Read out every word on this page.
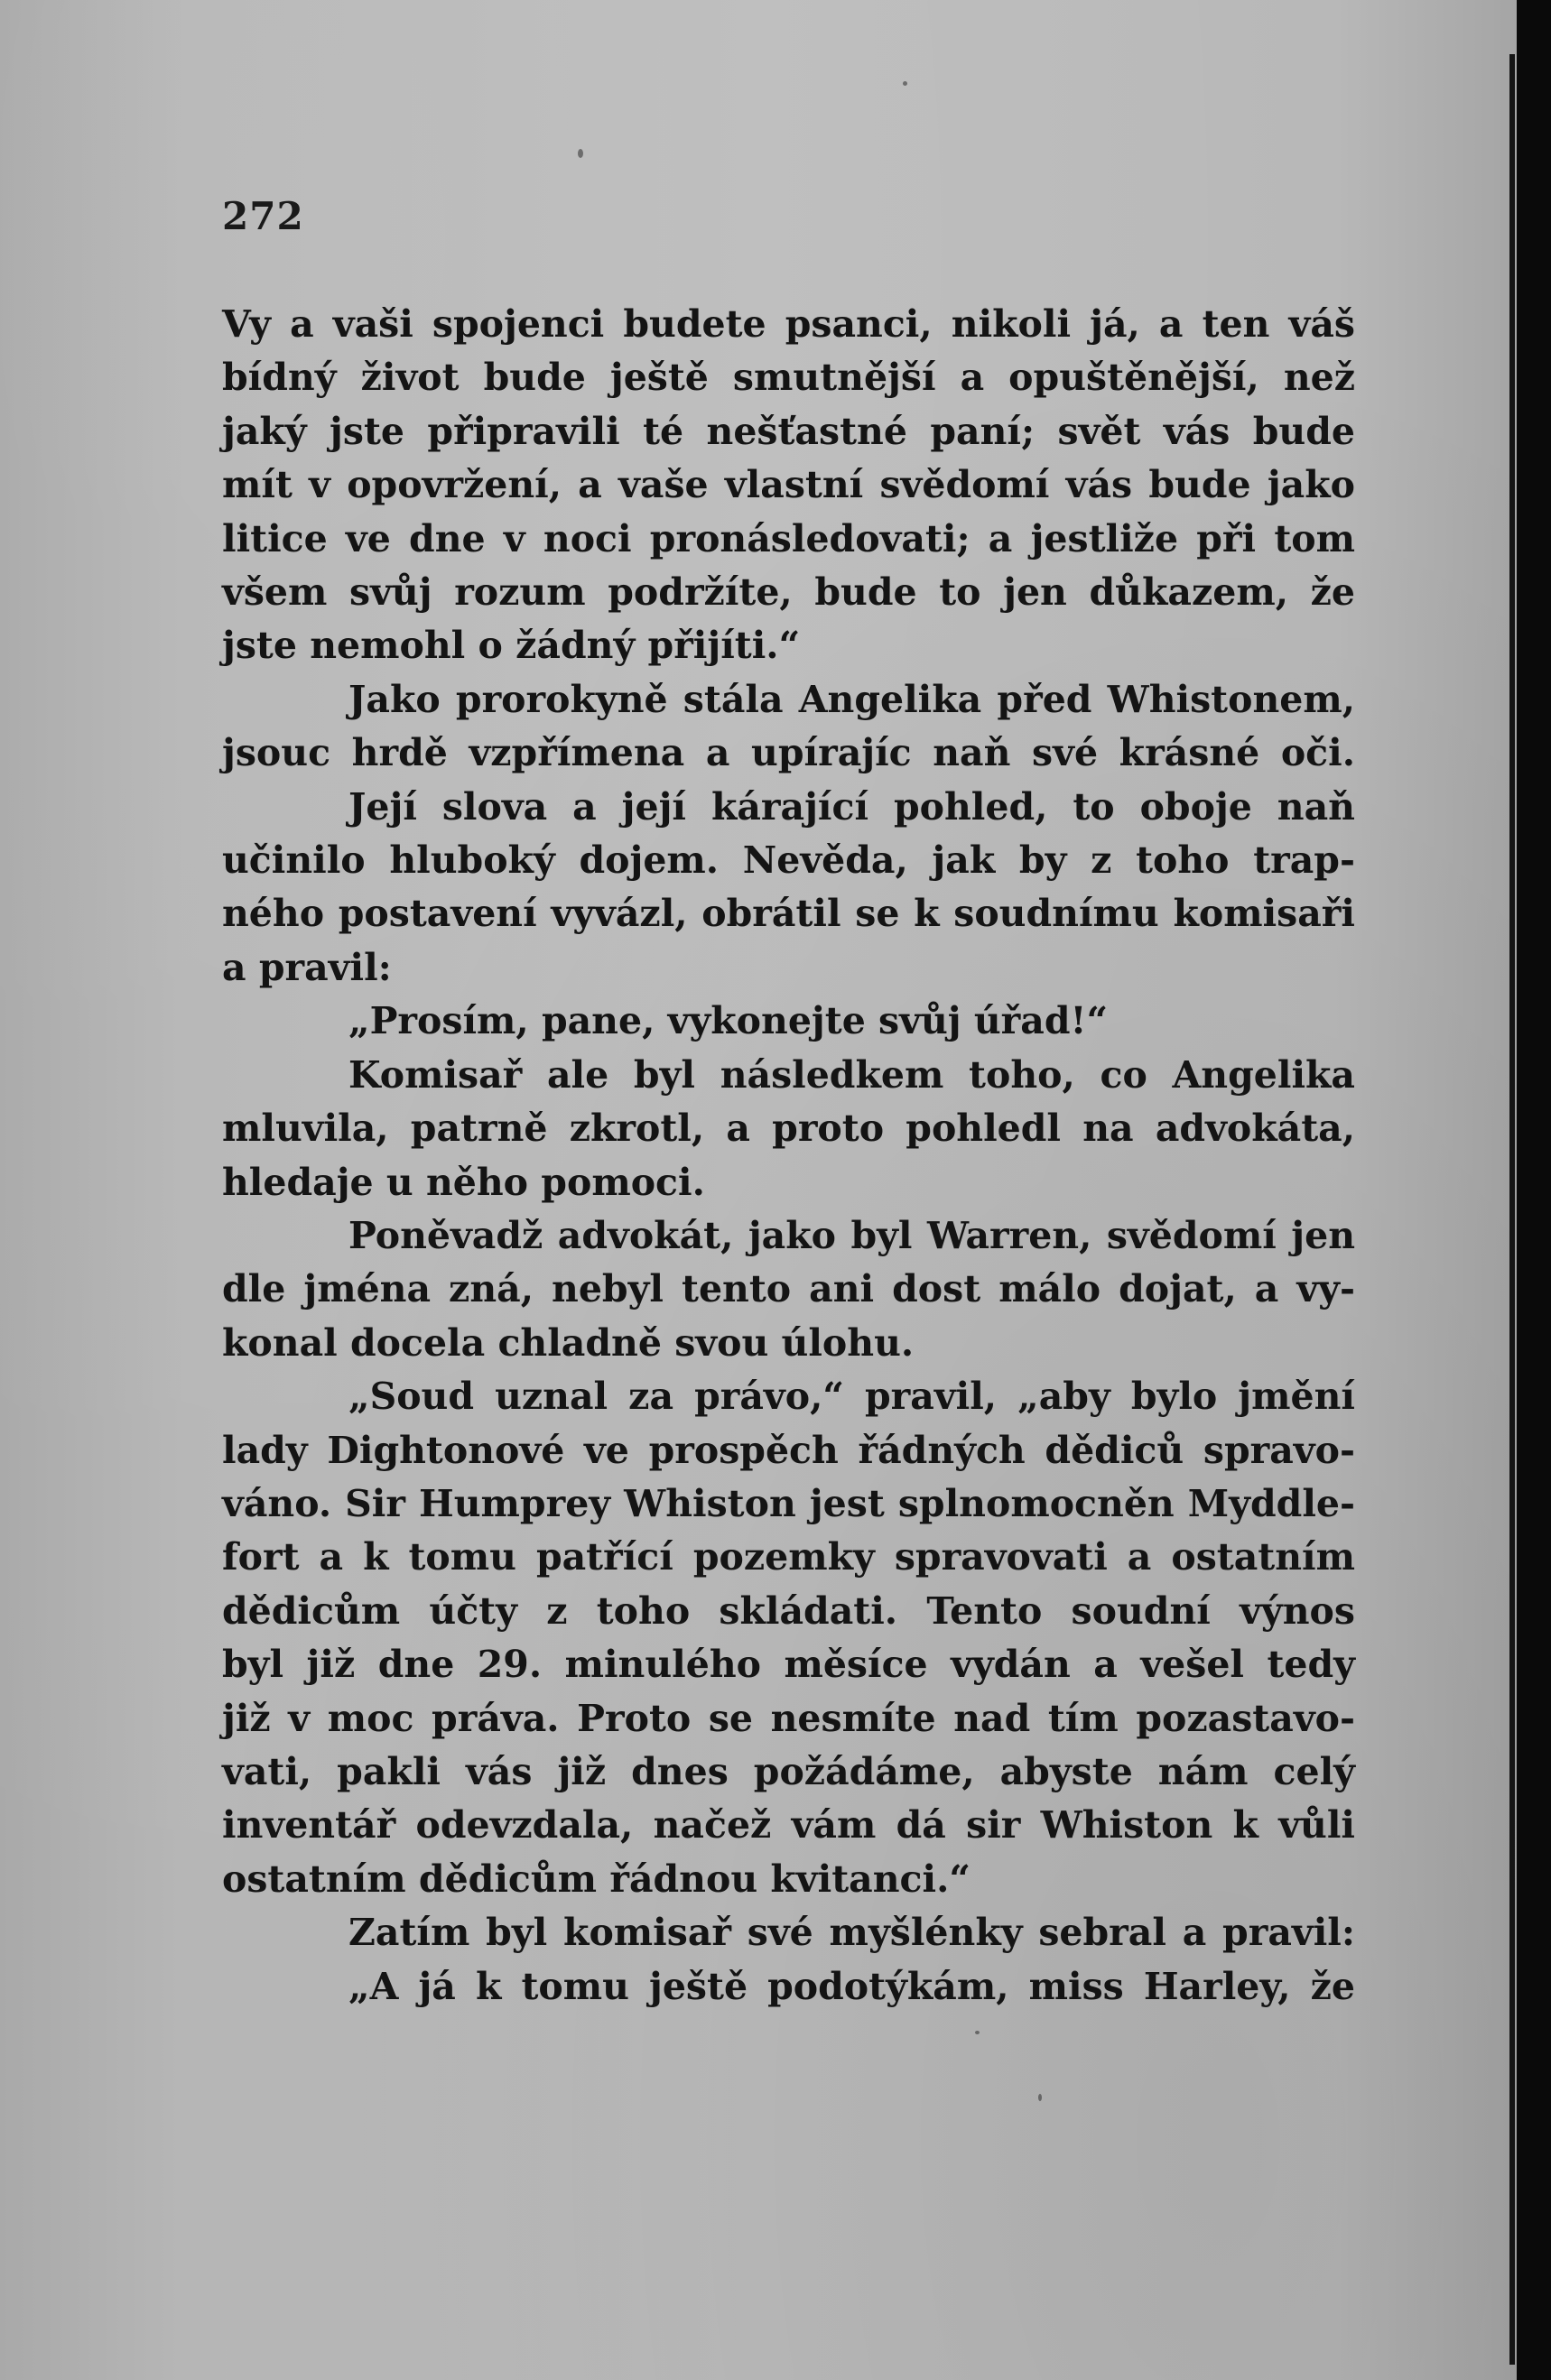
272
Vy a vaši spojenci budete psanci, nikoli já, a ten váš
bídný život bude ještě smutnější a opuštěnější, než
jaký jste připravili té nešťastné paní; svět vás bude
mít v opovržení, a vaše vlastní svědomí vás bude jako
litice ve dne v noci pronásledovati; a jestliže při tom
všem svůj rozum podržíte, bude to jen důkazem, že
jste nemohl o žádný přijíti.“
Jako prorokyně stála Angelika před Whistonem,
jsouc hrdě vzpřímena a upírajíc naň své krásné oči.
Její slova a její kárající pohled, to oboje naň
učinilo hluboký dojem. Nevěda, jak by z toho trap-
ného postavení vyvázl, obrátil se k soudnímu komisaři
a pravil:
„Prosím, pane, vykonejte svůj úřad!“
Komisař ale byl následkem toho, co Angelika
mluvila, patrně zkrotl, a proto pohledl na advokáta,
hledaje u něho pomoci.
Poněvadž advokát, jako byl Warren, svědomí jen
dle jména zná, nebyl tento ani dost málo dojat, a vy-
konal docela chladně svou úlohu.
„Soud uznal za právo,“ pravil, „aby bylo jmění
lady Dightonové ve prospěch řádných dědiců spravo-
váno. Sir Humprey Whiston jest splnomocněn Myddle-
fort a k tomu patřící pozemky spravovati a ostatním
dědicům účty z toho skládati. Tento soudní výnos
byl již dne 29. minulého měsíce vydán a vešel tedy
již v moc práva. Proto se nesmíte nad tím pozastavo-
vati, pakli vás již dnes požádáme, abyste nám celý
inventář odevzdala, načež vám dá sir Whiston k vůli
ostatním dědicům řádnou kvitanci.“
Zatím byl komisař své myšlénky sebral a pravil:
„A já k tomu ještě podotýkám, miss Harley, že
